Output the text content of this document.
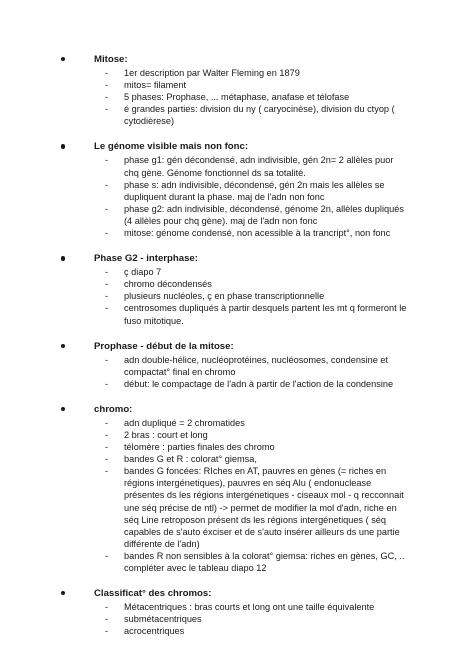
Mitose:
- 1er description par Walter Fleming en 1879
- mitos= filament
- 5 phases: Prophase, ... métaphase, anafase et télofase
- é grandes parties: division du ny ( caryocinèse), division du ctyop ( cytodièrese)
Le génome visible mais non fonc:
- phase g1: gén décondensé, adn indivisible, gén 2n= 2 allèles puor chq gène. Génome fonctionnel ds sa totalité.
- phase s: adn indivisible, décondensé, gén 2n mais les allèles se dupliquent durant la phase. maj de l'adn non fonc
- phase g2: adn indivisible, décondensé, génome 2n, allèles dupliqués (4 allèles pour chq gène). maj de l'adn non fonc
- mitose: génome condensé, non acessible à la trancript°, non fonc
Phase G2 - interphase:
- ç diapo 7
- chromo décondensés
- plusieurs nucléoles, ç en phase transcriptionnelle
- centrosomes dupliqués à partir desquels partent les mt q formeront le fuso mitotique.
Prophase - début de la mitose:
- adn double-hélice, nucléoprotéines, nucléosomes, condensine et compactat° final en chromo
- début: le compactage de l'adn à partir de l'action de la condensine
chromo:
- adn dupliqué = 2 chromatides
- 2 bras : court et long
- télomère : parties finales des chromo
- bandes G et R : colorat° giemsa,
- bandes G foncées: RIches en AT, pauvres en gènes (= riches en régions intergénetiques), pauvres en séq Alu ( endonuclease présentes ds les régions intergénetiques - ciseaux mol - q recconnait une séq précise de ntl) -> permet de modifier la mol d'adn, riche en séq Line retroposon présent ds les régions intergénetiques ( séq capables de s'auto éxciser et de s'auto insérer ailleurs ds une partie différente de l'adn)
- bandes R non sensibles à la colorat° giemsa: riches en gènes, GC, .. compléter avec le tableau diapo 12
Classificat° des chromos:
- Métacentriques : bras courts et long ont une taille équivalente
- submétacentriques
- acrocentriques
